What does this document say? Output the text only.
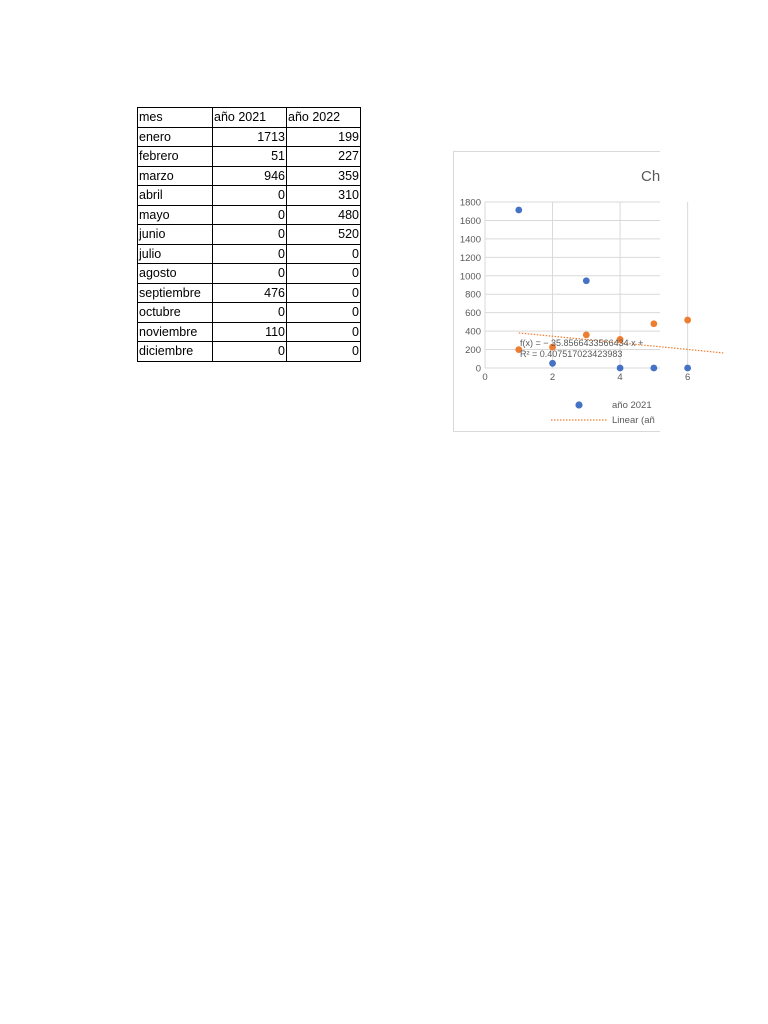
mes	año 2021	año 2022
enero	1713	199
febrero	51	227
marzo	946	359
abril	0	310
mayo	0	480
junio	0	520
julio	0	0
agosto	0	0
septiembre	476	0
octubre	0	0
noviembre	110	0
diciembre	0	0
Ch
0
200
400
600
800
1000
1200
1400
1600
1800
0	2	4	6
f(x) = − 35.8566433566434 x +
R² = 0.407517023423983
año 2021
Linear (añ
